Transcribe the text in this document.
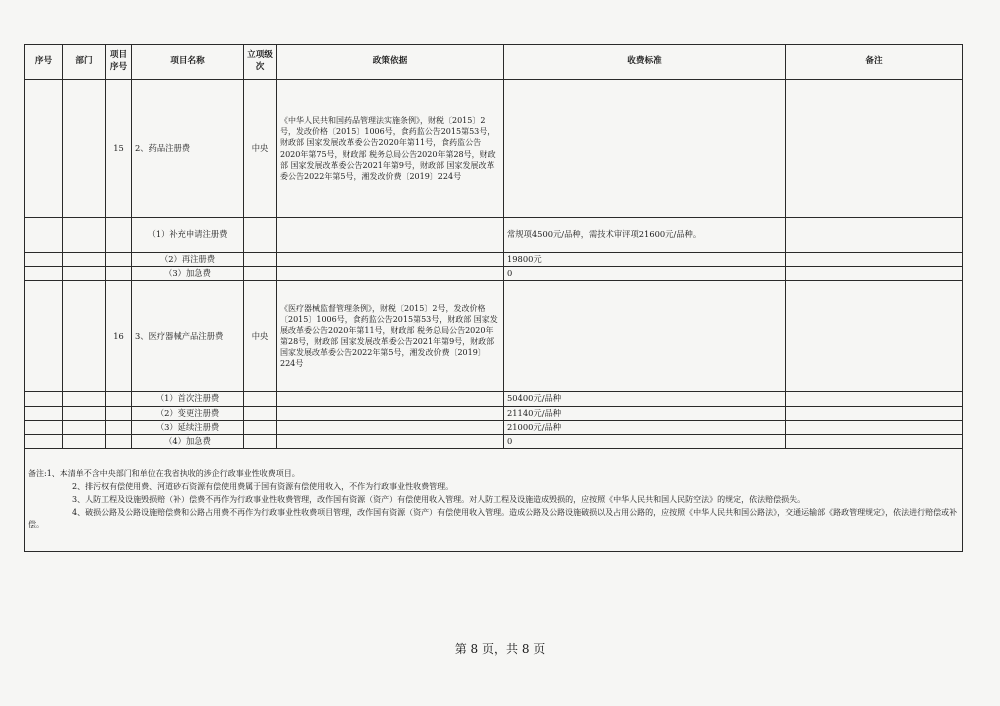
序号	部门	项目序号	项目名称	立项级次	政策依据	收费标准	备注
		15	2、药品注册费	中央	《中华人民共和国药品管理法实施条例》，财税〔2015〕2号，发改价格〔2015〕1006号，食药监公告2015第53号，财政部 国家发展改革委公告2020年第11号，食药监公告2020年第75号，财政部 税务总局公告2020年第28号，财政部 国家发展改革委公告2021年第9号，财政部 国家发展改革委公告2022年第5号，湘发改价费〔2019〕224号		
			（1）补充申请注册费			常规项4500元/品种，需技术审评项21600元/品种。	
			（2）再注册费			19800元	
			（3）加急费			0	
		16	3、医疗器械产品注册费	中央	《医疗器械监督管理条例》，财税〔2015〕2号，发改价格〔2015〕1006号，食药监公告2015第53号，财政部 国家发展改革委公告2020年第11号，财政部 税务总局公告2020年第28号，财政部 国家发展改革委公告2021年第9号，财政部 国家发展改革委公告2022年第5号，湘发改价费〔2019〕224号		
			（1）首次注册费			50400元/品种	
			（2）变更注册费			21140元/品种	
			（3）延续注册费			21000元/品种	
			（4）加急费			0	

备注:1、本清单不含中央部门和单位在我省执收的涉企行政事业性收费项目。
2、排污权有偿使用费、河道砂石资源有偿使用费属于国有资源有偿使用收入，不作为行政事业性收费管理。
3、人防工程及设施毁损赔（补）偿费不再作为行政事业性收费管理，改作国有资源（资产）有偿使用收入管理。对人防工程及设施造成毁损的，应按照《中华人民共和国人民防空法》的规定，依法赔偿损失。
4、破损公路及公路设施赔偿费和公路占用费不再作为行政事业性收费项目管理，改作国有资源（资产）有偿使用收入管理。造成公路及公路设施破损以及占用公路的，应按照《中华人民共和国公路法》，交通运输部《路政管理规定》，依法进行赔偿或补偿。							
第 8 页，共 8 页
